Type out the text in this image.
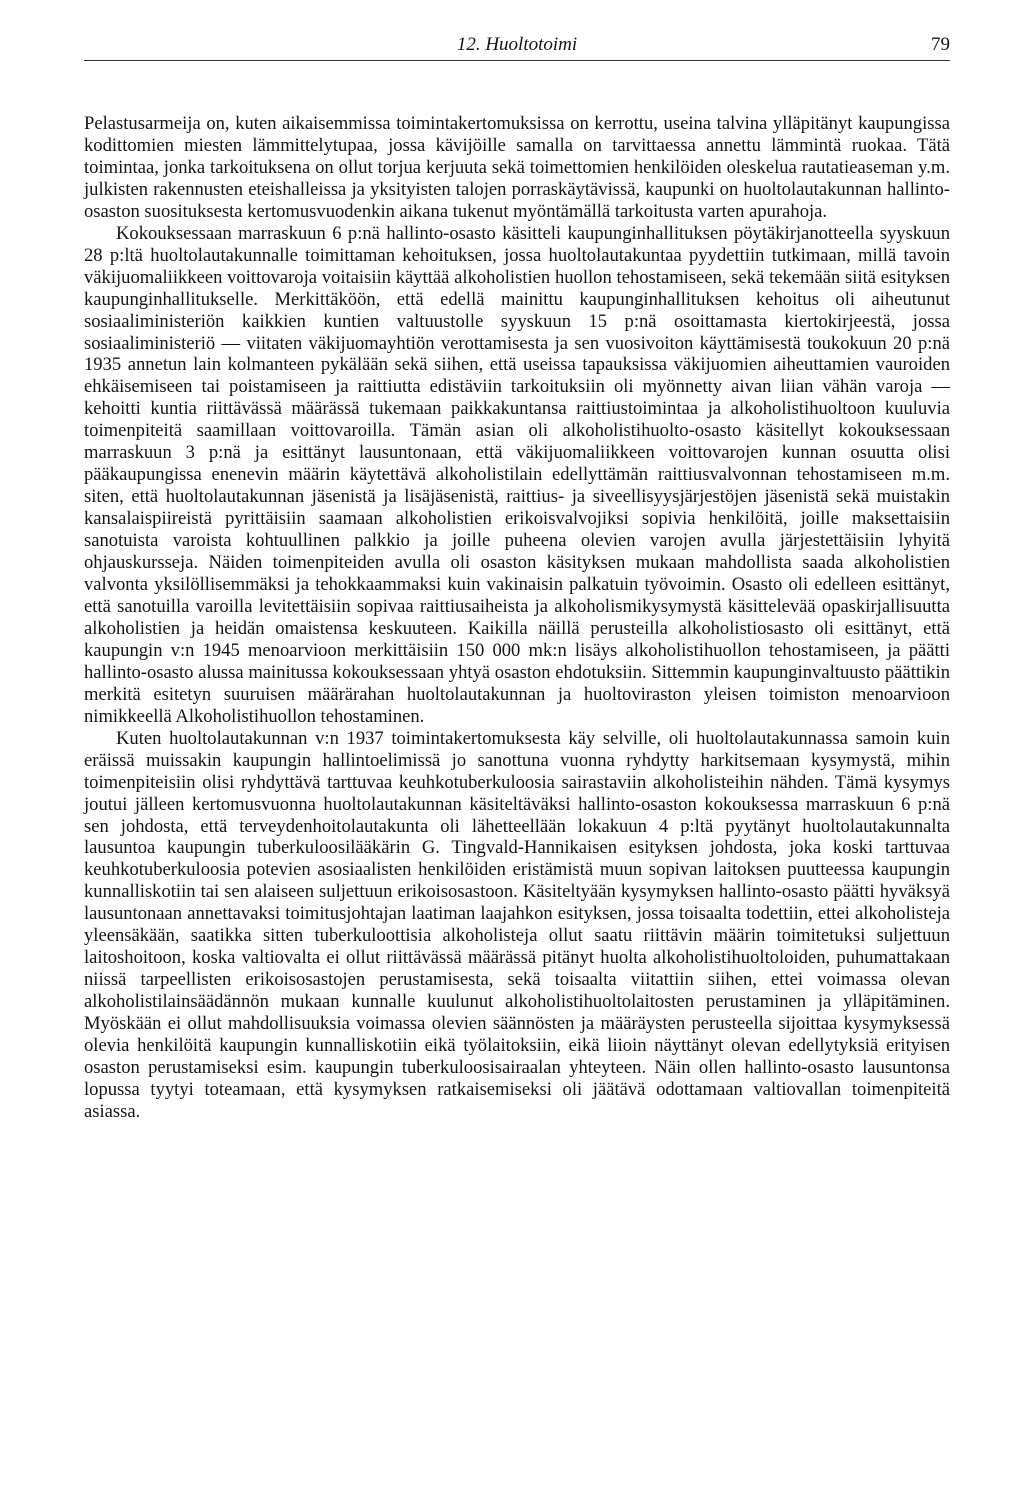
12. Huoltotoimi	79

Pelastusarmeija on, kuten aikaisemmissa toimintakertomuksissa on kerrottu, useina talvina ylläpitänyt kaupungissa kodittomien miesten lämmittelytupaa, jossa kävijöille samalla on tarvittaessa annettu lämmintä ruokaa. Tätä toimintaa, jonka tarkoituksena on ollut torjua kerjuuta sekä toimettomien henkilöiden oleskelua rautatieaseman y.m. julkisten rakennusten eteishalleissa ja yksityisten talojen porraskäytävissä, kaupunki on huoltolautakunnan hallinto-osaston suosituksesta kertomusvuodenkin aikana tukenut myöntämällä tarkoitusta varten apurahoja.

Kokouksessaan marraskuun 6 p:nä hallinto-osasto käsitteli kaupunginhallituksen pöytäkirjanotteella syyskuun 28 p:ltä huoltolautakunnalle toimittaman kehoituksen, jossa huoltolautakuntaa pyydettiin tutkimaan, millä tavoin väkijuomaliikkeen voittovaroja voitaisiin käyttää alkoholistien huollon tehostamiseen, sekä tekemään siitä esityksen kaupunginhallitukselle. Merkittäköön, että edellä mainittu kaupunginhallituksen kehoitus oli aiheutunut sosiaaliministeriön kaikkien kuntien valtuustolle syyskuun 15 p:nä osoittamasta kiertokirjeestä, jossa sosiaaliministeriö — viitaten väkijuomayhtiön verottamisesta ja sen vuosivoiton käyttämisestä toukokuun 20 p:nä 1935 annetun lain kolmanteen pykälään sekä siihen, että useissa tapauksissa väkijuomien aiheuttamien vauroiden ehkäisemiseen tai poistamiseen ja raittiutta edistäviin tarkoituksiin oli myönnetty aivan liian vähän varoja — kehoitti kuntia riittävässä määrässä tukemaan paikkakuntansa raittiustoimintaa ja alkoholistihuoltoon kuuluvia toimenpiteitä saamillaan voittovaroilla. Tämän asian oli alkoholistihuolto-osasto käsitellyt kokouksessaan marraskuun 3 p:nä ja esittänyt lausuntonaan, että väkijuomaliikkeen voittovarojen kunnan osuutta olisi pääkaupungissa enenevin määrin käytettävä alkoholistilain edellyttämän raittiusvalvonnan tehostamiseen m.m. siten, että huoltolautakunnan jäsenistä ja lisäjäsenistä, raittius- ja siveellisyysjärjestöjen jäsenistä sekä muistakin kansalaispiireistä pyrittäisiin saamaan alkoholistien erikoisvalvojiksi sopivia henkilöitä, joille maksettaisiin sanotuista varoista kohtuullinen palkkio ja joille puheena olevien varojen avulla järjestettäisiin lyhyitä ohjauskursseja. Näiden toimenpiteiden avulla oli osaston käsityksen mukaan mahdollista saada alkoholistien valvonta yksilöllisemmäksi ja tehokkaammaksi kuin vakinaisin palkatuin työvoimin. Osasto oli edelleen esittänyt, että sanotuilla varoilla levitettäisiin sopivaa raittiusaiheista ja alkoholismikysymystä käsittelevää opaskirjallisuutta alkoholistien ja heidän omaistensa keskuuteen. Kaikilla näillä perusteilla alkoholistiosasto oli esittänyt, että kaupungin v:n 1945 menoarvioon merkittäisiin 150 000 mk:n lisäys alkoholistihuollon tehostamiseen, ja päätti hallinto-osasto alussa mainitussa kokouksessaan yhtyä osaston ehdotuksiin. Sittemmin kaupunginvaltuusto päättikin merkitä esitetyn suuruisen määrärahan huoltolautakunnan ja huoltoviraston yleisen toimiston menoarvioon nimikkeellä Alkoholistihuollon tehostaminen.

Kuten huoltolautakunnan v:n 1937 toimintakertomuksesta käy selville, oli huoltolautakunnassa samoin kuin eräissä muissakin kaupungin hallintoelimissä jo sanottuna vuonna ryhdytty harkitsemaan kysymystä, mihin toimenpiteisiin olisi ryhdyttävä tarttuvaa keuhkotuberkuloosia sairastaviin alkoholisteihin nähden. Tämä kysymys joutui jälleen kertomusvuonna huoltolautakunnan käsiteltäväksi hallinto-osaston kokouksessa marraskuun 6 p:nä sen johdosta, että terveydenhoitolautakunta oli lähetteellään lokakuun 4 p:ltä pyytänyt huoltolautakunnalta lausuntoa kaupungin tuberkuloosilääkärin G. Tingvald-Hannikaisen esityksen johdosta, joka koski tarttuvaa keuhkotuberkuloosia potevien asosiaalisten henkilöiden eristämistä muun sopivan laitoksen puutteessa kaupungin kunnalliskotiin tai sen alaiseen suljettuun erikoisosastoon. Käsiteltyään kysymyksen hallinto-osasto päätti hyväksyä lausuntonaan annettavaksi toimitusjohtajan laatiman laajahkon esityksen, jossa toisaalta todettiin, ettei alkoholisteja yleensäkään, saatikka sitten tuberkuloottisia alkoholisteja ollut saatu riittävin määrin toimitetuksi suljettuun laitoshoitoon, koska valtiovalta ei ollut riittävässä määrässä pitänyt huolta alkoholistihuoltoloiden, puhumattakaan niissä tarpeellisten erikoisosastojen perustamisesta, sekä toisaalta viitattiin siihen, ettei voimassa olevan alkoholistilainsäädännön mukaan kunnalle kuulunut alkoholistihuoltolaitosten perustaminen ja ylläpitäminen. Myöskään ei ollut mahdollisuuksia voimassa olevien säännösten ja määräysten perusteella sijoittaa kysymyksessä olevia henkilöitä kaupungin kunnalliskotiin eikä työlaitoksiin, eikä liioin näyttänyt olevan edellytyksiä erityisen osaston perustamiseksi esim. kaupungin tuberkuloosisairaalan yhteyteen. Näin ollen hallinto-osasto lausuntonsa lopussa tyytyi toteamaan, että kysymyksen ratkaisemiseksi oli jäätävä odottamaan valtiovallan toimenpiteitä asiassa.
